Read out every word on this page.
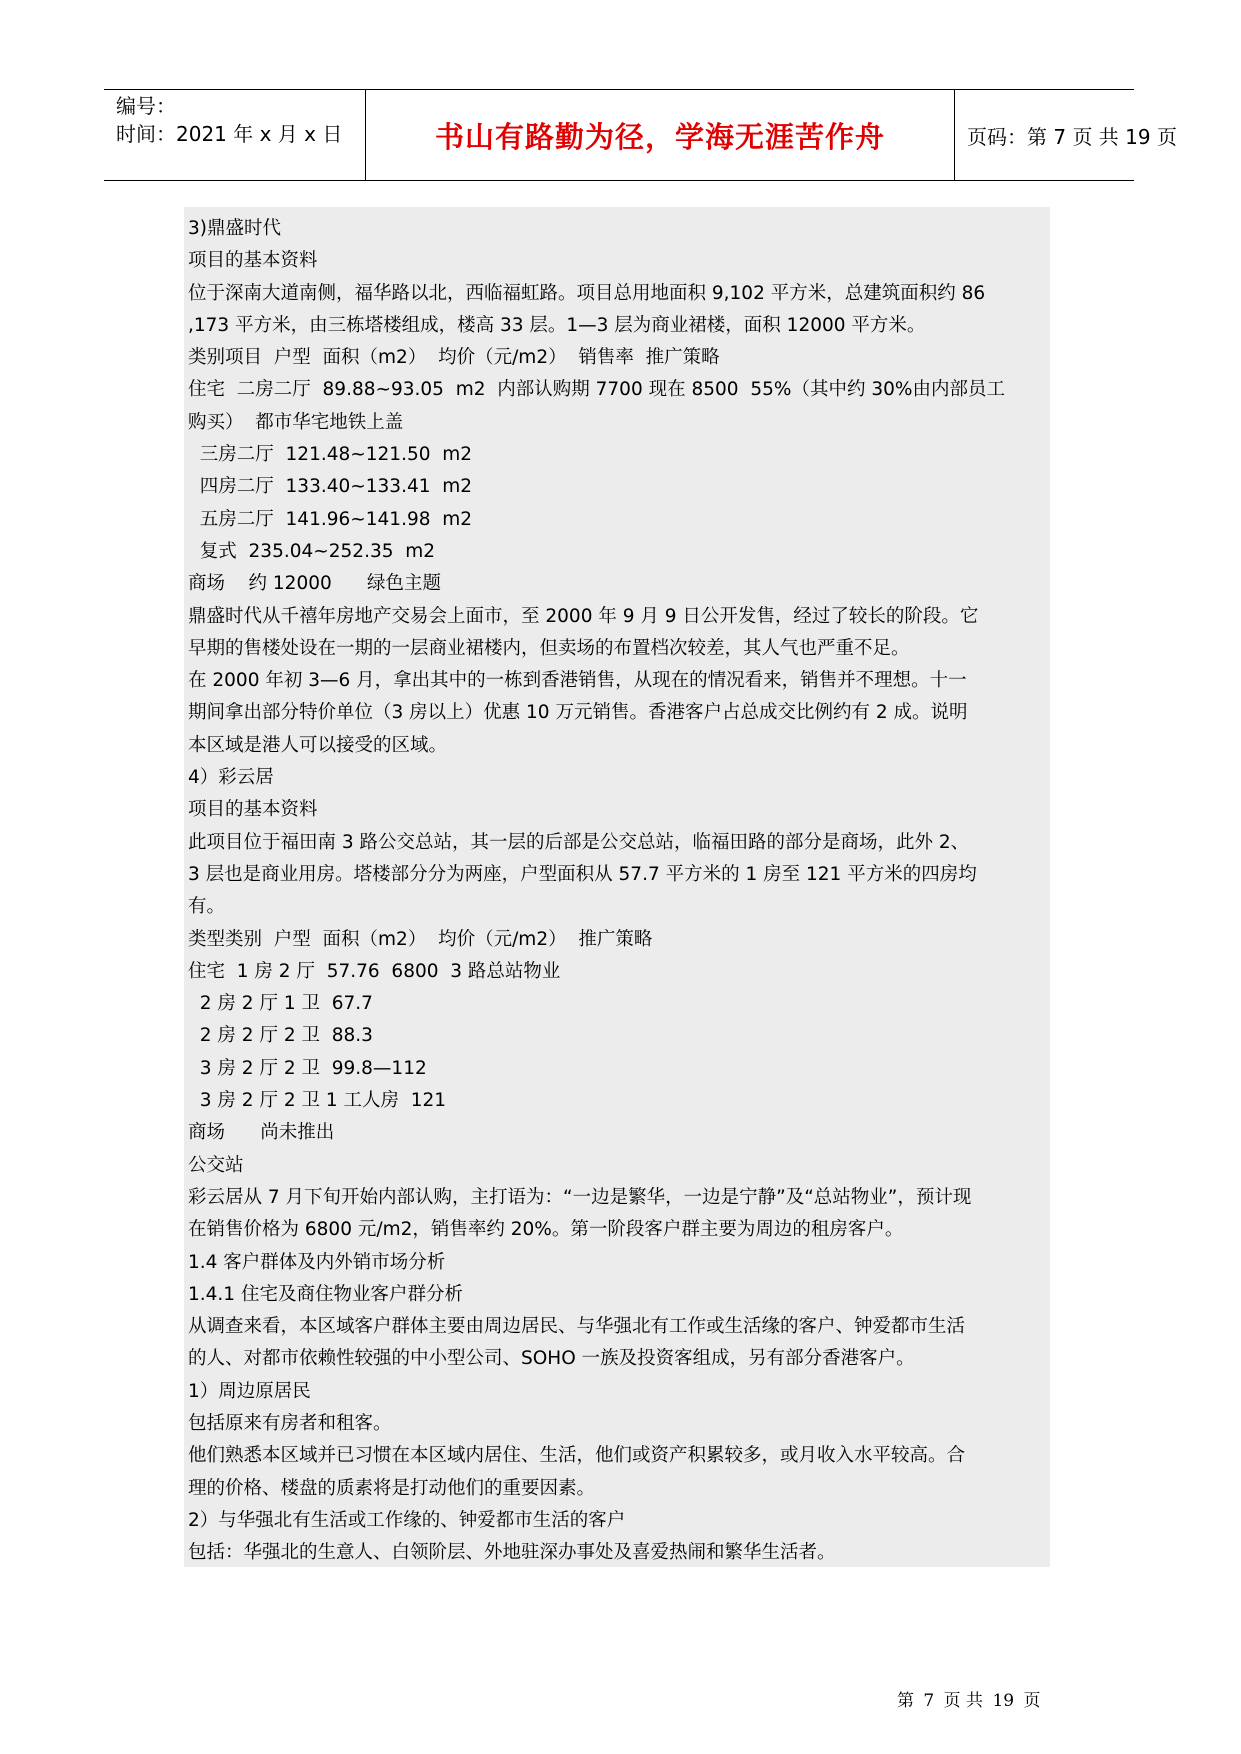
编号：
时间：2021 年 x 月 x 日	书山有路勤为径，学海无涯苦作舟	页码：第 7 页 共 19 页
3)鼎盛时代
项目的基本资料
位于深南大道南侧，福华路以北，西临福虹路。项目总用地面积 9,102 平方米，总建筑面积约 86
,173 平方米，由三栋塔楼组成，楼高 33 层。1—3 层为商业裙楼，面积 12000 平方米。
类别项目  户型  面积（m2）  均价（元/m2）  销售率  推广策略
住宅  二房二厅  89.88~93.05  m2  内部认购期 7700 现在 8500  55%（其中约 30%由内部员工
购买）  都市华宅地铁上盖
三房二厅  121.48~121.50  m2
四房二厅  133.40~133.41  m2
五房二厅  141.96~141.98  m2
复式  235.04~252.35  m2
商场    约 12000      绿色主题
鼎盛时代从千禧年房地产交易会上面市，至 2000 年 9 月 9 日公开发售，经过了较长的阶段。它
早期的售楼处设在一期的一层商业裙楼内，但卖场的布置档次较差，其人气也严重不足。
在 2000 年初 3—6 月，拿出其中的一栋到香港销售，从现在的情况看来，销售并不理想。十一
期间拿出部分特价单位（3 房以上）优惠 10 万元销售。香港客户占总成交比例约有 2 成。说明
本区域是港人可以接受的区域。
4）彩云居
项目的基本资料
此项目位于福田南 3 路公交总站，其一层的后部是公交总站，临福田路的部分是商场，此外 2、
3 层也是商业用房。塔楼部分分为两座，户型面积从 57.7 平方米的 1 房至 121 平方米的四房均
有。
类型类别  户型  面积（m2）  均价（元/m2）  推广策略
住宅  1 房 2 厅  57.76  6800  3 路总站物业
2 房 2 厅 1 卫  67.7
2 房 2 厅 2 卫  88.3
3 房 2 厅 2 卫  99.8—112
3 房 2 厅 2 卫 1 工人房  121
商场      尚未推出
公交站
彩云居从 7 月下旬开始内部认购，主打语为：“一边是繁华，一边是宁静”及“总站物业”，预计现
在销售价格为 6800 元/m2，销售率约 20%。第一阶段客户群主要为周边的租房客户。
1.4 客户群体及内外销市场分析
1.4.1 住宅及商住物业客户群分析
从调查来看，本区域客户群体主要由周边居民、与华强北有工作或生活缘的客户、钟爱都市生活
的人、对都市依赖性较强的中小型公司、SOHO 一族及投资客组成，另有部分香港客户。
1）周边原居民
包括原来有房者和租客。
他们熟悉本区域并已习惯在本区域内居住、生活，他们或资产积累较多，或月收入水平较高。合
理的价格、楼盘的质素将是打动他们的重要因素。
2）与华强北有生活或工作缘的、钟爱都市生活的客户
包括：华强北的生意人、白领阶层、外地驻深办事处及喜爱热闹和繁华生活者。
第 7 页 共 19 页
